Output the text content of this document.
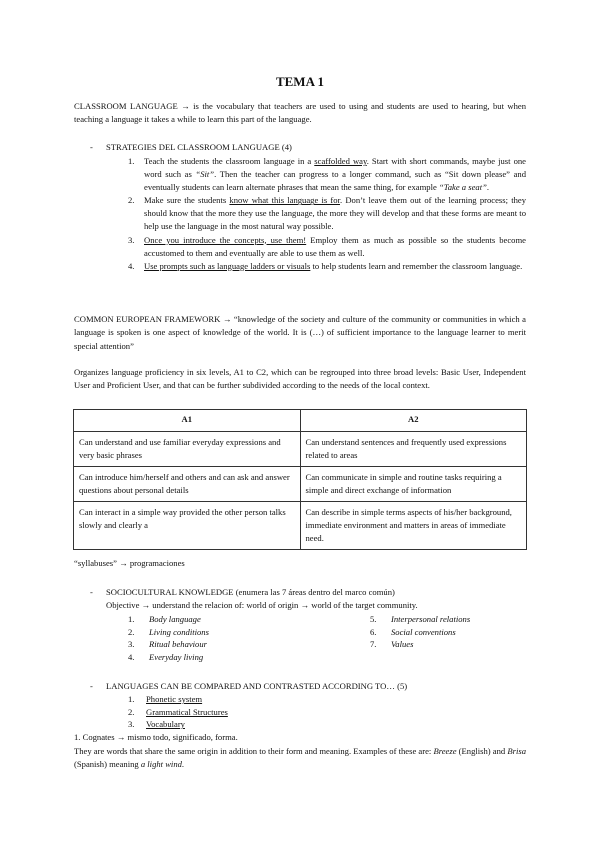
TEMA 1
CLASSROOM LANGUAGE → is the vocabulary that teachers are used to using and students are used to hearing, but when teaching a language it takes a while to learn this part of the language.
- STRATEGIES DEL CLASSROOM LANGUAGE (4)
1. Teach the students the classroom language in a scaffolded way. Start with short commands, maybe just one word such as “Sit”. Then the teacher can progress to a longer command, such as “Sit down please” and eventually students can learn alternate phrases that mean the same thing, for example “Take a seat”.
2. Make sure the students know what this language is for. Don’t leave them out of the learning process; they should know that the more they use the language, the more they will develop and that these forms are meant to help use the language in the most natural way possible.
3. Once you introduce the concepts, use them! Employ them as much as possible so the students become accustomed to them and eventually are able to use them as well.
4. Use prompts such as language ladders or visuals to help students learn and remember the classroom language.
COMMON EUROPEAN FRAMEWORK → “knowledge of the society and culture of the community or communities in which a language is spoken is one aspect of knowledge of the world. It is (…) of sufficient importance to the language learner to merit special attention”
Organizes language proficiency in six levels, A1 to C2, which can be regrouped into three broad levels: Basic User, Independent User and Proficient User, and that can be further subdivided according to the needs of the local context.
A1	A2
Can understand and use familiar everyday expressions and very basic phrases	Can understand sentences and frequently used expressions related to areas
Can introduce him/herself and others and can ask and answer questions about personal details	Can communicate in simple and routine tasks requiring a simple and direct exchange of information
Can interact in a simple way provided the other person talks slowly and clearly a	Can describe in simple terms aspects of his/her background, immediate environment and matters in areas of immediate need.
“syllabuses” → programaciones
- SOCIOCULTURAL KNOWLEDGE (enumera las 7 áreas dentro del marco común)
Objective → understand the relacion of: world of origin → world of the target community.
1. Body language
2. Living conditions
3. Ritual behaviour
4. Everyday living
5. Interpersonal relations
6. Social conventions
7. Values
- LANGUAGES CAN BE COMPARED AND CONTRASTED ACCORDING TO… (5)
1. Phonetic system
2. Grammatical Structures
3. Vocabulary
1. Cognates → mismo todo, significado, forma.
They are words that share the same origin in addition to their form and meaning. Examples of these are: Breeze (English) and Brisa (Spanish) meaning a light wind.
